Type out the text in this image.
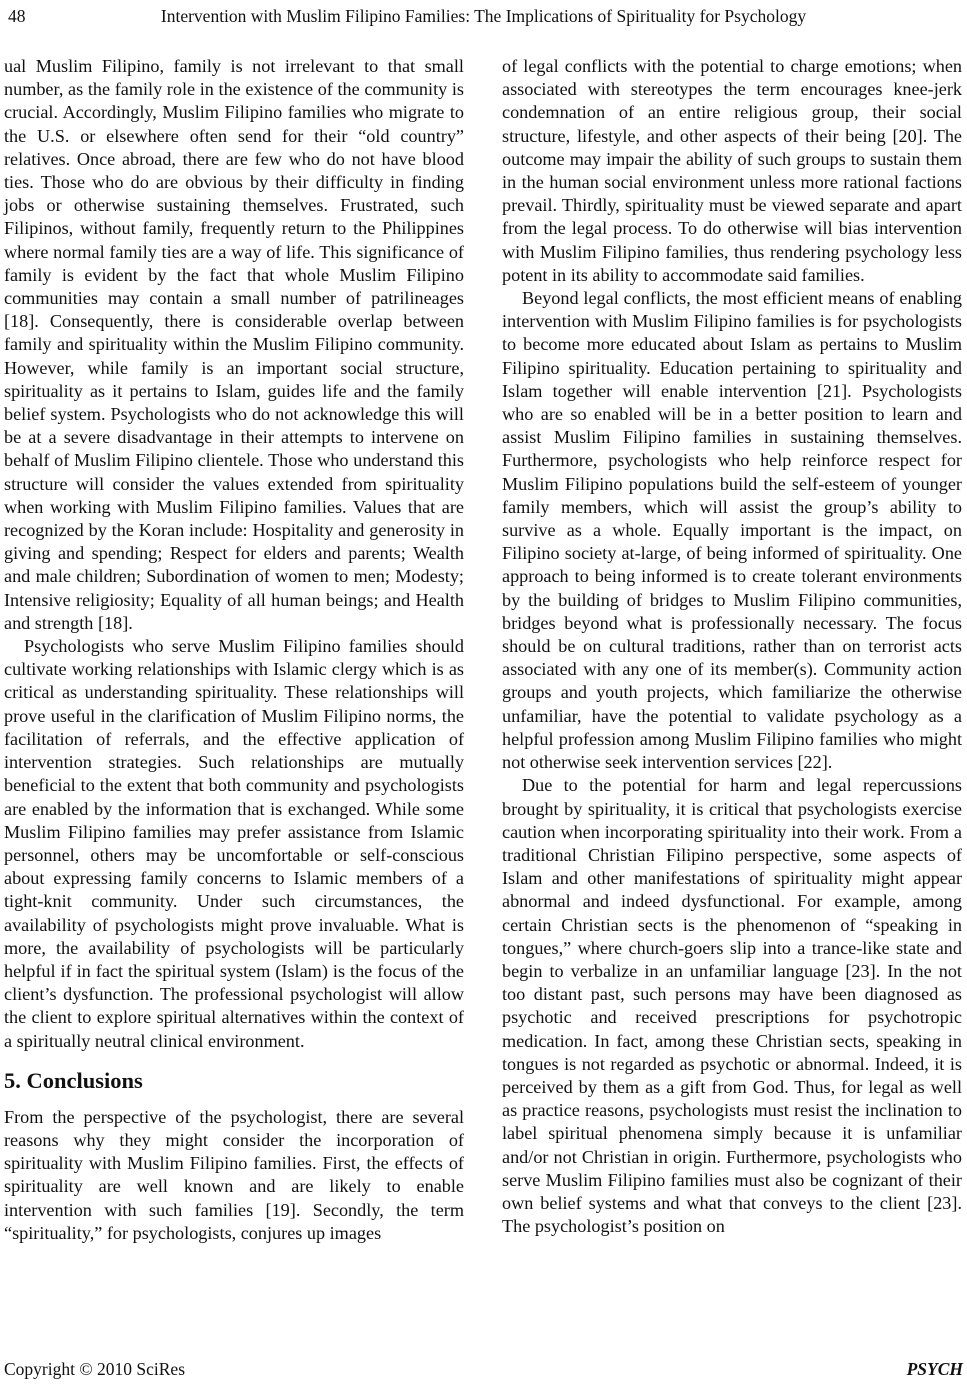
48	Intervention with Muslim Filipino Families: The Implications of Spirituality for Psychology

ual Muslim Filipino, family is not irrelevant to that small number, as the family role in the existence of the community is crucial. Accordingly, Muslim Filipino families who migrate to the U.S. or elsewhere often send for their “old country” relatives. Once abroad, there are few who do not have blood ties. Those who do are obvious by their difficulty in finding jobs or otherwise sustaining themselves. Frustrated, such Filipinos, without family, frequently return to the Philippines where normal family ties are a way of life. This significance of family is evident by the fact that whole Muslim Filipino communities may contain a small number of patrilineages [18]. Consequently, there is considerable overlap between family and spirituality within the Muslim Filipino community. However, while family is an important social structure, spirituality as it pertains to Islam, guides life and the family belief system. Psychologists who do not acknowledge this will be at a severe disadvantage in their attempts to intervene on behalf of Muslim Filipino clientele. Those who understand this structure will consider the values extended from spirituality when working with Muslim Filipino families. Values that are recognized by the Koran include: Hospitality and generosity in giving and spending; Respect for elders and parents; Wealth and male children; Subordination of women to men; Modesty; Intensive religiosity; Equality of all human beings; and Health and strength [18].

Psychologists who serve Muslim Filipino families should cultivate working relationships with Islamic clergy which is as critical as understanding spirituality. These relationships will prove useful in the clarification of Muslim Filipino norms, the facilitation of referrals, and the effective application of intervention strategies. Such relationships are mutually beneficial to the extent that both community and psychologists are enabled by the information that is exchanged. While some Muslim Filipino families may prefer assistance from Islamic personnel, others may be uncomfortable or self-conscious about expressing family concerns to Islamic members of a tight-knit community. Under such circumstances, the availability of psychologists might prove invaluable. What is more, the availability of psychologists will be particularly helpful if in fact the spiritual system (Islam) is the focus of the client’s dysfunction. The professional psychologist will allow the client to explore spiritual alternatives within the context of a spiritually neutral clinical environment.

5. Conclusions

From the perspective of the psychologist, there are several reasons why they might consider the incorporation of spirituality with Muslim Filipino families. First, the effects of spirituality are well known and are likely to enable intervention with such families [19]. Secondly, the term “spirituality,” for psychologists, conjures up images

of legal conflicts with the potential to charge emotions; when associated with stereotypes the term encourages knee-jerk condemnation of an entire religious group, their social structure, lifestyle, and other aspects of their being [20]. The outcome may impair the ability of such groups to sustain them in the human social environment unless more rational factions prevail. Thirdly, spirituality must be viewed separate and apart from the legal process. To do otherwise will bias intervention with Muslim Filipino families, thus rendering psychology less potent in its ability to accommodate said families.

Beyond legal conflicts, the most efficient means of enabling intervention with Muslim Filipino families is for psychologists to become more educated about Islam as pertains to Muslim Filipino spirituality. Education pertaining to spirituality and Islam together will enable intervention [21]. Psychologists who are so enabled will be in a better position to learn and assist Muslim Filipino families in sustaining themselves. Furthermore, psychologists who help reinforce respect for Muslim Filipino populations build the self-esteem of younger family members, which will assist the group’s ability to survive as a whole. Equally important is the impact, on Filipino society at-large, of being informed of spirituality. One approach to being informed is to create tolerant environments by the building of bridges to Muslim Filipino communities, bridges beyond what is professionally necessary. The focus should be on cultural traditions, rather than on terrorist acts associated with any one of its member(s). Community action groups and youth projects, which familiarize the otherwise unfamiliar, have the potential to validate psychology as a helpful profession among Muslim Filipino families who might not otherwise seek intervention services [22].

Due to the potential for harm and legal repercussions brought by spirituality, it is critical that psychologists exercise caution when incorporating spirituality into their work. From a traditional Christian Filipino perspective, some aspects of Islam and other manifestations of spirituality might appear abnormal and indeed dysfunctional. For example, among certain Christian sects is the phenomenon of “speaking in tongues,” where church-goers slip into a trance-like state and begin to verbalize in an unfamiliar language [23]. In the not too distant past, such persons may have been diagnosed as psychotic and received prescriptions for psychotropic medication. In fact, among these Christian sects, speaking in tongues is not regarded as psychotic or abnormal. Indeed, it is perceived by them as a gift from God. Thus, for legal as well as practice reasons, psychologists must resist the inclination to label spiritual phenomena simply because it is unfamiliar and/or not Christian in origin. Furthermore, psychologists who serve Muslim Filipino families must also be cognizant of their own belief systems and what that conveys to the client [23]. The psychologist’s position on

Copyright © 2010 SciRes	PSYCH
